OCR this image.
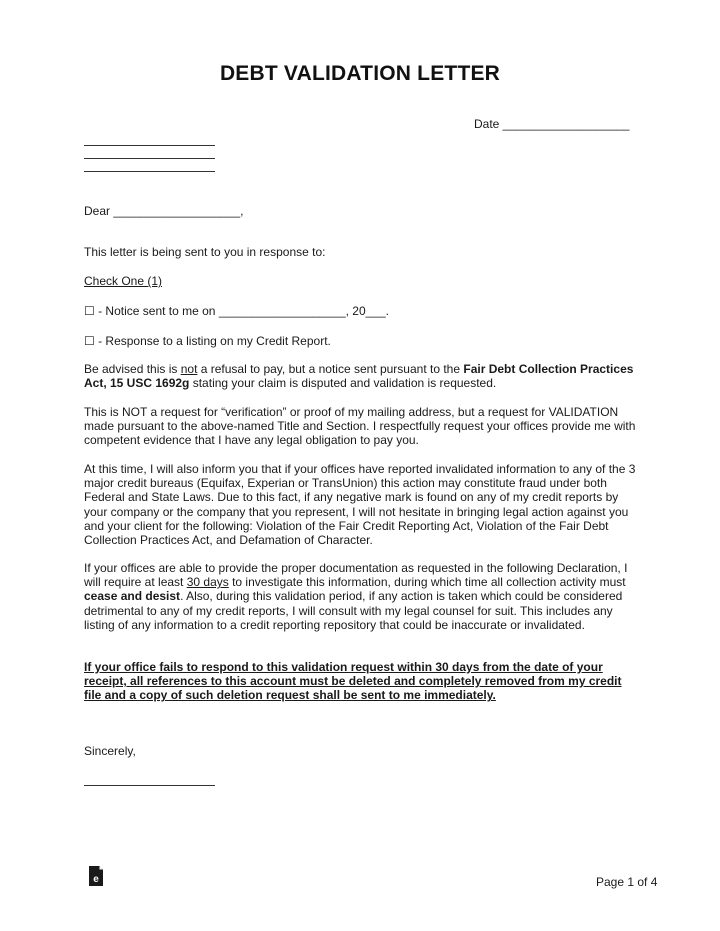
DEBT VALIDATION LETTER
Date ___________________
Dear ___________________,
This letter is being sent to you in response to:
Check One (1)
☐ - Notice sent to me on ___________________, 20___.
☐ - Response to a listing on my Credit Report.
Be advised this is not a refusal to pay, but a notice sent pursuant to the Fair Debt Collection Practices Act, 15 USC 1692g stating your claim is disputed and validation is requested.
This is NOT a request for “verification” or proof of my mailing address, but a request for VALIDATION made pursuant to the above-named Title and Section. I respectfully request your offices provide me with competent evidence that I have any legal obligation to pay you.
At this time, I will also inform you that if your offices have reported invalidated information to any of the 3 major credit bureaus (Equifax, Experian or TransUnion) this action may constitute fraud under both Federal and State Laws. Due to this fact, if any negative mark is found on any of my credit reports by your company or the company that you represent, I will not hesitate in bringing legal action against you and your client for the following: Violation of the Fair Credit Reporting Act, Violation of the Fair Debt Collection Practices Act, and Defamation of Character.
If your offices are able to provide the proper documentation as requested in the following Declaration, I will require at least 30 days to investigate this information, during which time all collection activity must cease and desist. Also, during this validation period, if any action is taken which could be considered detrimental to any of my credit reports, I will consult with my legal counsel for suit. This includes any listing of any information to a credit reporting repository that could be inaccurate or invalidated.
If your office fails to respond to this validation request within 30 days from the date of your receipt, all references to this account must be deleted and completely removed from my credit file and a copy of such deletion request shall be sent to me immediately.
Sincerely,
e	Page 1 of 4
